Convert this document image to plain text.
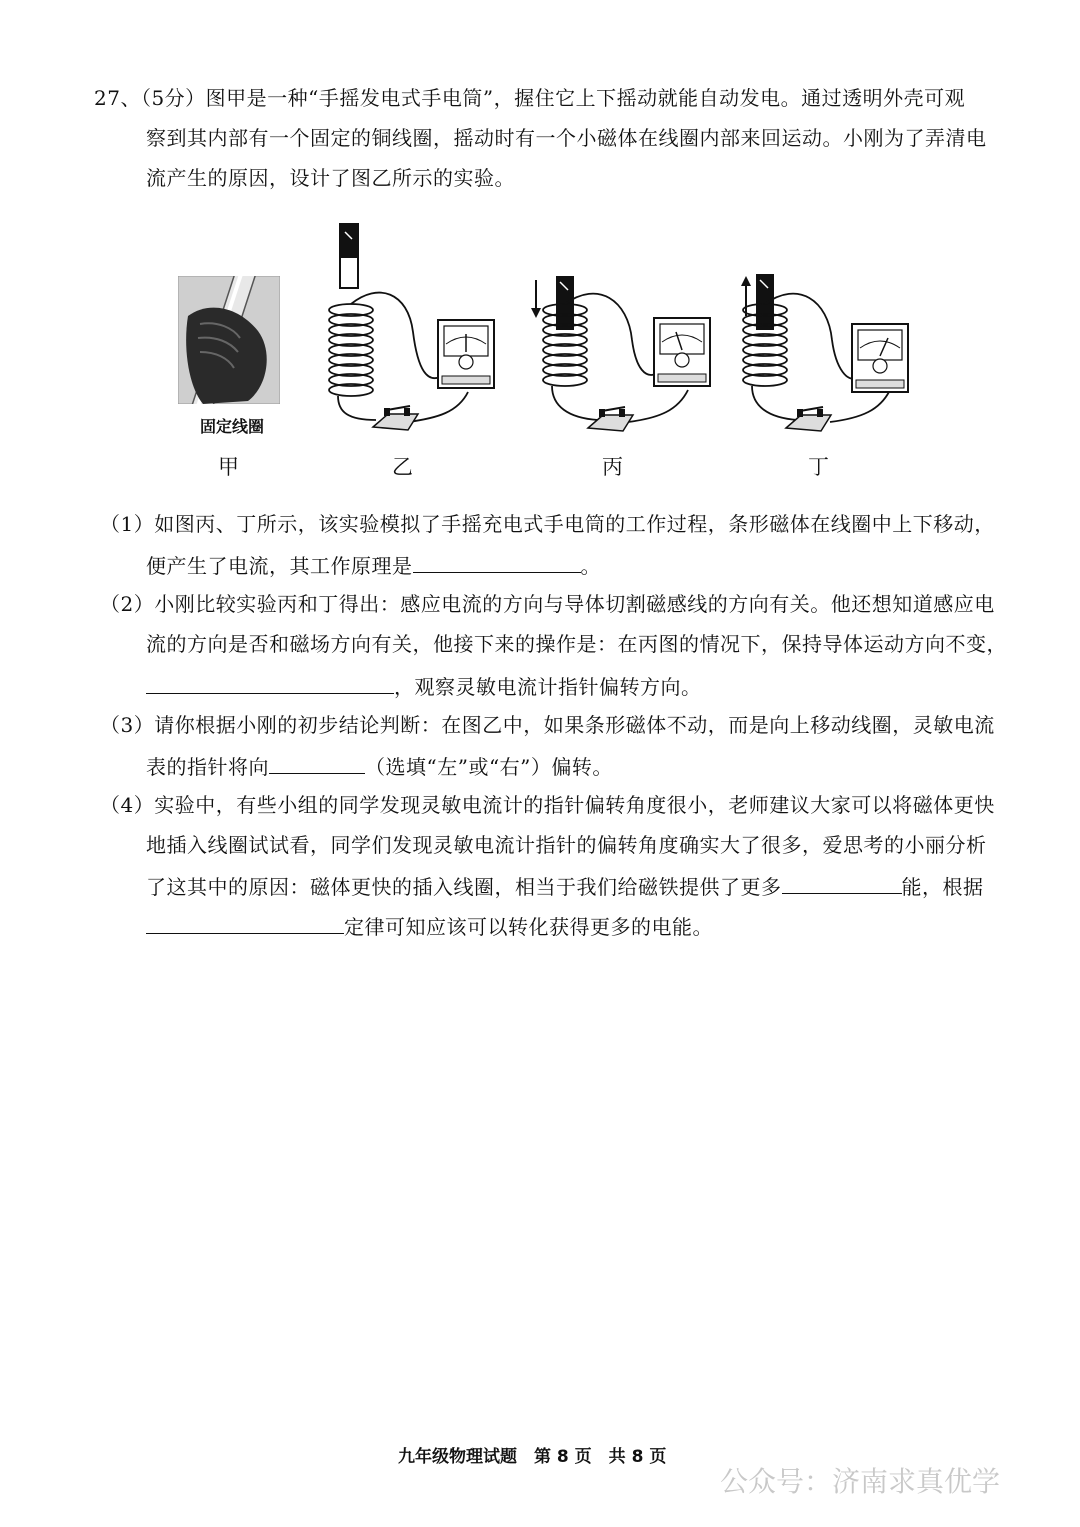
27、（5分）图甲是一种“手摇发电式手电筒”，握住它上下摇动就能自动发电。通过透明外壳可观
察到其内部有一个固定的铜线圈，摇动时有一个小磁体在线圈内部来回运动。小刚为了弄清电
流产生的原因，设计了图乙所示的实验。
固定线圈
甲	乙	丙	丁
（1）如图丙、丁所示，该实验模拟了手摇充电式手电筒的工作过程，条形磁体在线圈中上下移动，
便产生了电流，其工作原理是	。
（2）小刚比较实验丙和丁得出：感应电流的方向与导体切割磁感线的方向有关。他还想知道感应电
流的方向是否和磁场方向有关，他接下来的操作是：在丙图的情况下，保持导体运动方向不变，
，观察灵敏电流计指针偏转方向。
（3）请你根据小刚的初步结论判断：在图乙中，如果条形磁体不动，而是向上移动线圈，灵敏电流
表的指针将向	（选填“左”或“右”）偏转。
（4）实验中，有些小组的同学发现灵敏电流计的指针偏转角度很小，老师建议大家可以将磁体更快
地插入线圈试试看，同学们发现灵敏电流计指针的偏转角度确实大了很多，爱思考的小丽分析
了这其中的原因：磁体更快的插入线圈，相当于我们给磁铁提供了更多	能，根据
定律可知应该可以转化获得更多的电能。
九年级物理试题　第 8 页　共 8 页
公众号：济南求真优学
